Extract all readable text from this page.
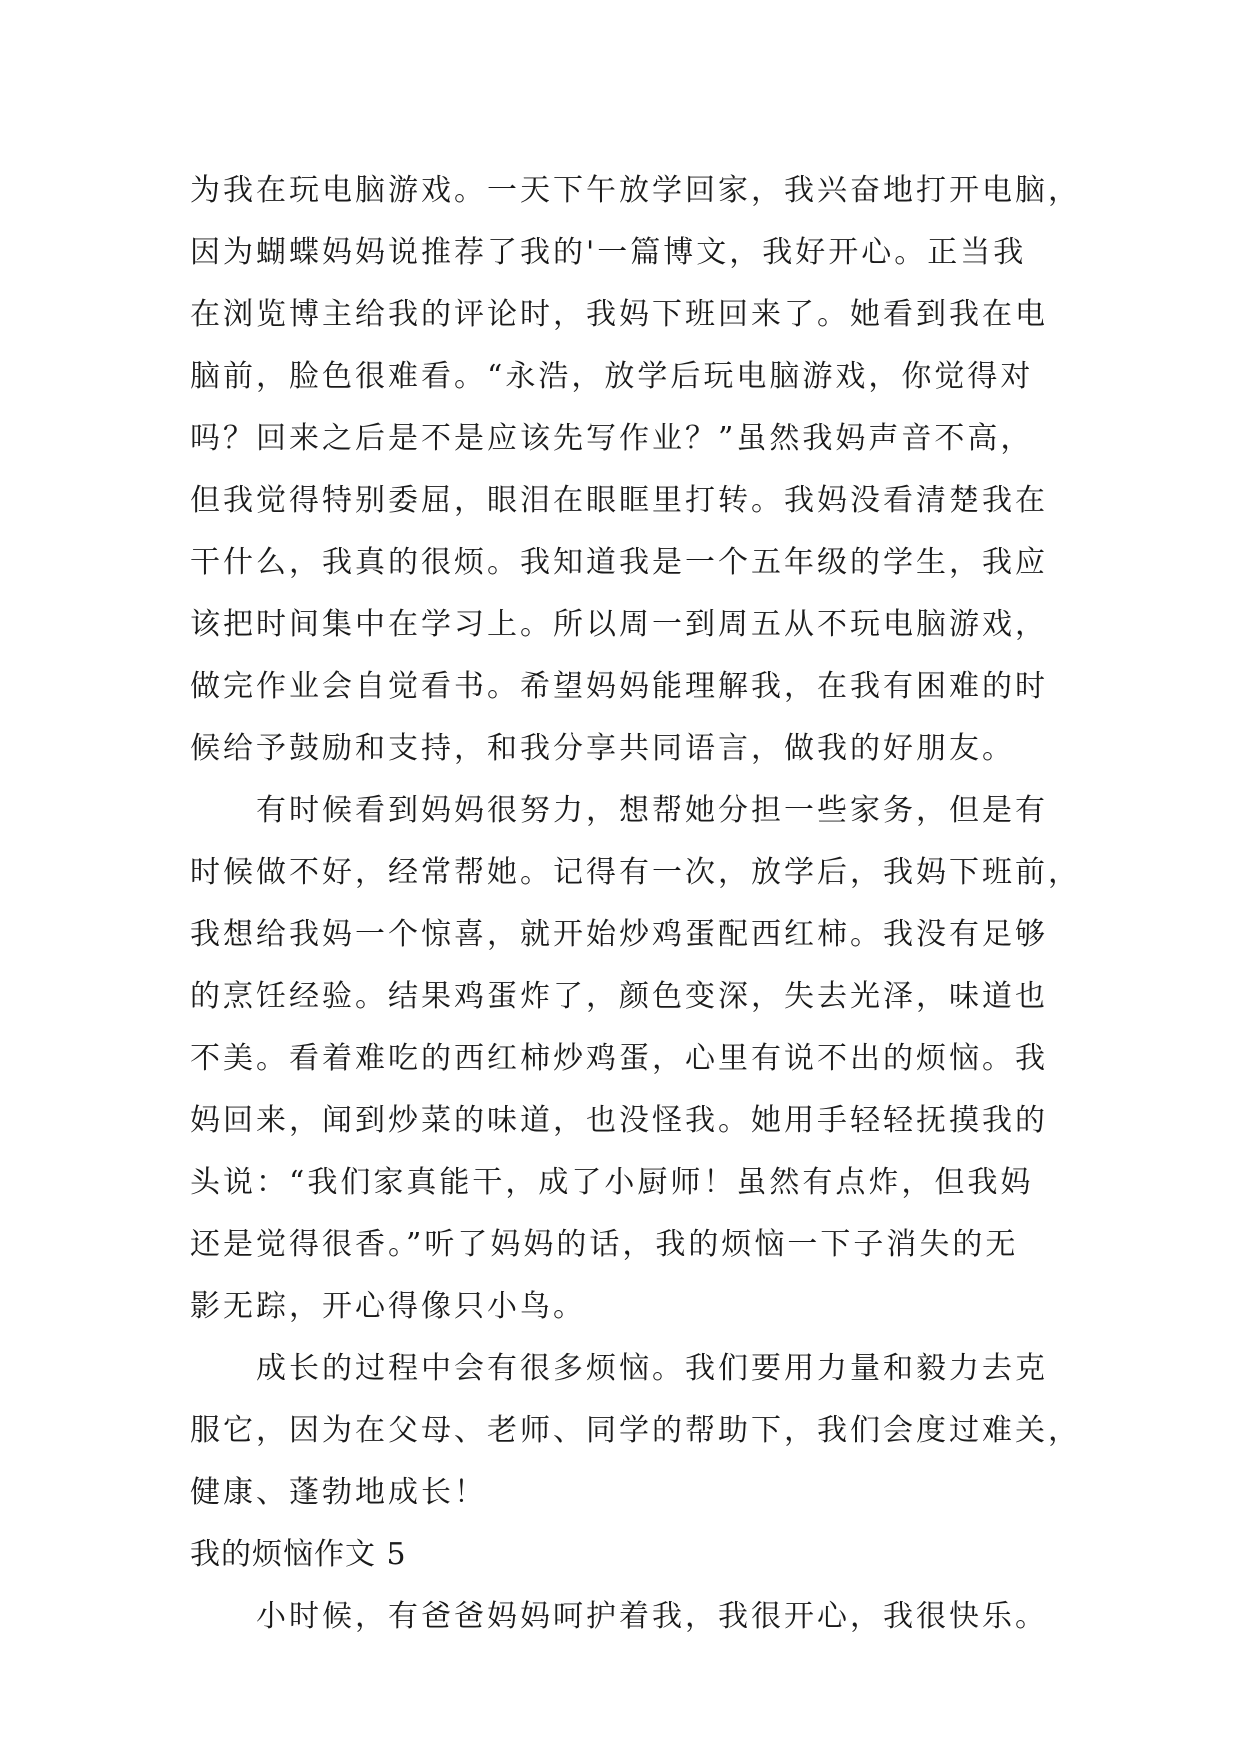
为我在玩电脑游戏。一天下午放学回家，我兴奋地打开电脑，
因为蝴蝶妈妈说推荐了我的'一篇博文，我好开心。正当我
在浏览博主给我的评论时，我妈下班回来了。她看到我在电
脑前，脸色很难看。“永浩，放学后玩电脑游戏，你觉得对
吗？回来之后是不是应该先写作业？”虽然我妈声音不高，
但我觉得特别委屈，眼泪在眼眶里打转。我妈没看清楚我在
干什么，我真的很烦。我知道我是一个五年级的学生，我应
该把时间集中在学习上。所以周一到周五从不玩电脑游戏，
做完作业会自觉看书。希望妈妈能理解我，在我有困难的时
候给予鼓励和支持，和我分享共同语言，做我的好朋友。
有时候看到妈妈很努力，想帮她分担一些家务，但是有
时候做不好，经常帮她。记得有一次，放学后，我妈下班前，
我想给我妈一个惊喜，就开始炒鸡蛋配西红柿。我没有足够
的烹饪经验。结果鸡蛋炸了，颜色变深，失去光泽，味道也
不美。看着难吃的西红柿炒鸡蛋，心里有说不出的烦恼。我
妈回来，闻到炒菜的味道，也没怪我。她用手轻轻抚摸我的
头说：“我们家真能干，成了小厨师！虽然有点炸，但我妈
还是觉得很香。”听了妈妈的话，我的烦恼一下子消失的无
影无踪，开心得像只小鸟。
成长的过程中会有很多烦恼。我们要用力量和毅力去克
服它，因为在父母、老师、同学的帮助下，我们会度过难关，
健康、蓬勃地成长！
我的烦恼作文 5
小时候，有爸爸妈妈呵护着我，我很开心，我很快乐。
